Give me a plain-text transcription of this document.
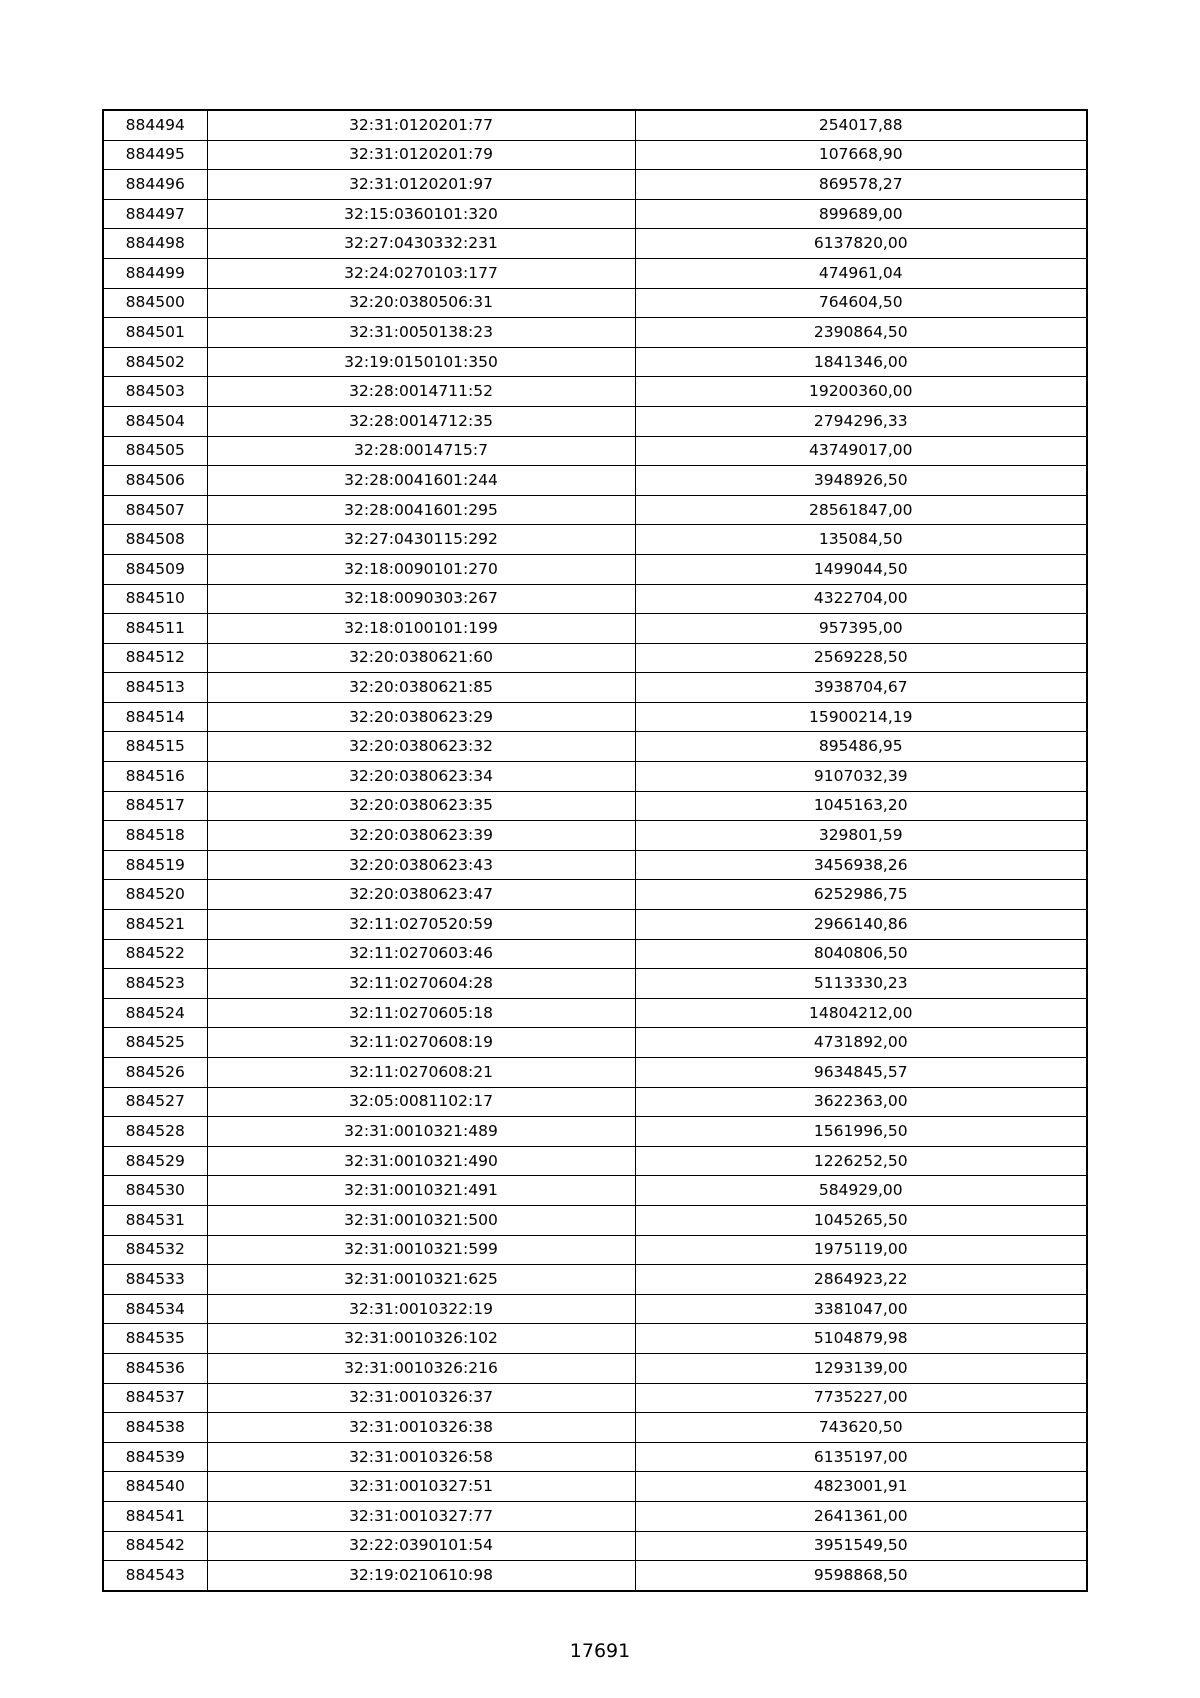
884494	32:31:0120201:77	254017,88
884495	32:31:0120201:79	107668,90
884496	32:31:0120201:97	869578,27
884497	32:15:0360101:320	899689,00
884498	32:27:0430332:231	6137820,00
884499	32:24:0270103:177	474961,04
884500	32:20:0380506:31	764604,50
884501	32:31:0050138:23	2390864,50
884502	32:19:0150101:350	1841346,00
884503	32:28:0014711:52	19200360,00
884504	32:28:0014712:35	2794296,33
884505	32:28:0014715:7	43749017,00
884506	32:28:0041601:244	3948926,50
884507	32:28:0041601:295	28561847,00
884508	32:27:0430115:292	135084,50
884509	32:18:0090101:270	1499044,50
884510	32:18:0090303:267	4322704,00
884511	32:18:0100101:199	957395,00
884512	32:20:0380621:60	2569228,50
884513	32:20:0380621:85	3938704,67
884514	32:20:0380623:29	15900214,19
884515	32:20:0380623:32	895486,95
884516	32:20:0380623:34	9107032,39
884517	32:20:0380623:35	1045163,20
884518	32:20:0380623:39	329801,59
884519	32:20:0380623:43	3456938,26
884520	32:20:0380623:47	6252986,75
884521	32:11:0270520:59	2966140,86
884522	32:11:0270603:46	8040806,50
884523	32:11:0270604:28	5113330,23
884524	32:11:0270605:18	14804212,00
884525	32:11:0270608:19	4731892,00
884526	32:11:0270608:21	9634845,57
884527	32:05:0081102:17	3622363,00
884528	32:31:0010321:489	1561996,50
884529	32:31:0010321:490	1226252,50
884530	32:31:0010321:491	584929,00
884531	32:31:0010321:500	1045265,50
884532	32:31:0010321:599	1975119,00
884533	32:31:0010321:625	2864923,22
884534	32:31:0010322:19	3381047,00
884535	32:31:0010326:102	5104879,98
884536	32:31:0010326:216	1293139,00
884537	32:31:0010326:37	7735227,00
884538	32:31:0010326:38	743620,50
884539	32:31:0010326:58	6135197,00
884540	32:31:0010327:51	4823001,91
884541	32:31:0010327:77	2641361,00
884542	32:22:0390101:54	3951549,50
884543	32:19:0210610:98	9598868,50
17691
